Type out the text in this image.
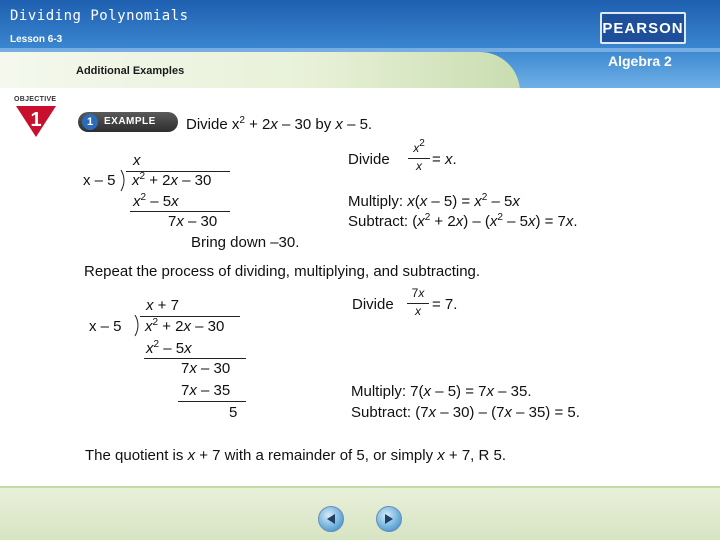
Dividing Polynomials
Lesson 6-3
Additional Examples
PEARSON
Algebra 2
OBJECTIVE
1	1	EXAMPLE Divide $x^2 + 2x - 30$ by x – 5.
x
x – 5 $x^2 + 2x - 30$
$x^2 - 5x$
7x – 30
Bring down –30.
Divide
$x^2$
x = x.
Multiply: $x(x - 5) = x^2 - 5x$
Subtract: $(x^2 + 2x) - (x^2 - 5x) = 7x$.
Repeat the process of dividing, multiplying, and subtracting.
x + 7
x – 5 $x^2 + 2x - 30$
$x^2 - 5x$
7x – 30
7x – 35
5
Divide
7x
x = 7.
Multiply: 7(x – 5) = 7x – 35.
Subtract: (7x – 30) – (7x – 35) = 5.
The quotient is x + 7 with a remainder of 5, or simply x + 7, R 5.
